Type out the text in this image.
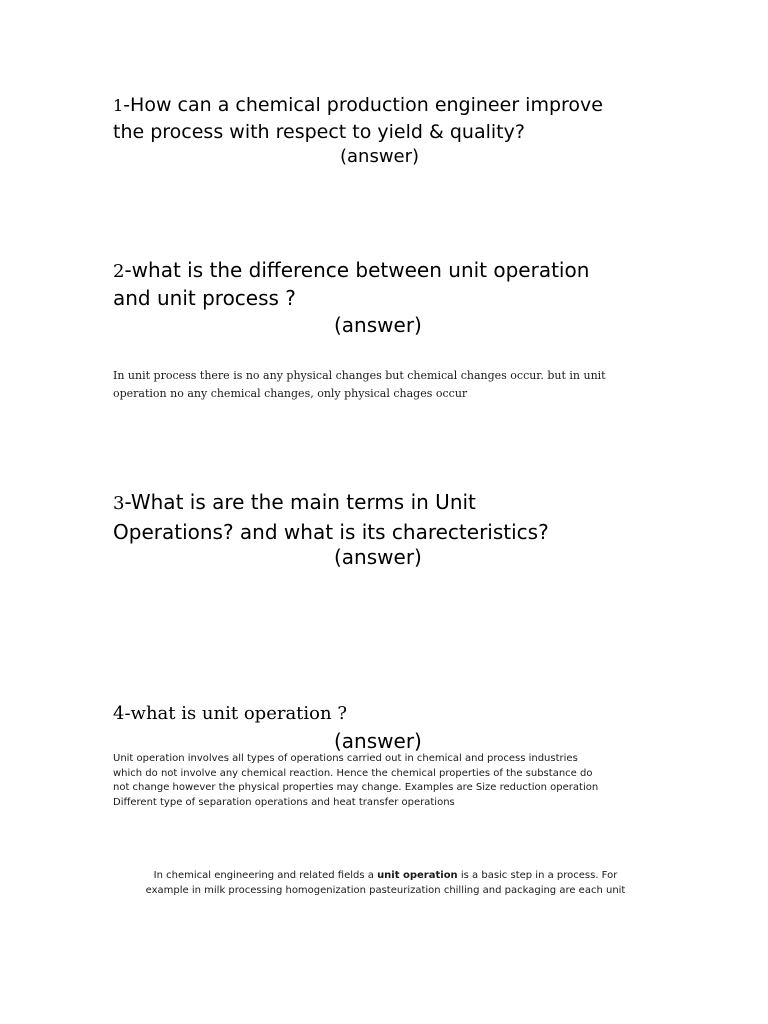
1-How can a chemical production engineer improve
the process with respect to yield & quality?
(answer)
2-what is the difference between unit operation
and unit process ?
(answer)
In unit process there is no any physical changes but chemical changes occur. but in unit
operation no any chemical changes, only physical chages occur
3-What is are the main terms in Unit
Operations? and what is its charecteristics?
(answer)
4-what is unit operation ?
(answer)
Unit operation involves all types of operations carried out in chemical and process industries
which do not involve any chemical reaction. Hence the chemical properties of the substance do
not change however the physical properties may change. Examples are Size reduction operation
Different type of separation operations and heat transfer operations
In chemical engineering and related fields a unit operation is a basic step in a process. For
example in milk processing homogenization pasteurization chilling and packaging are each unit
